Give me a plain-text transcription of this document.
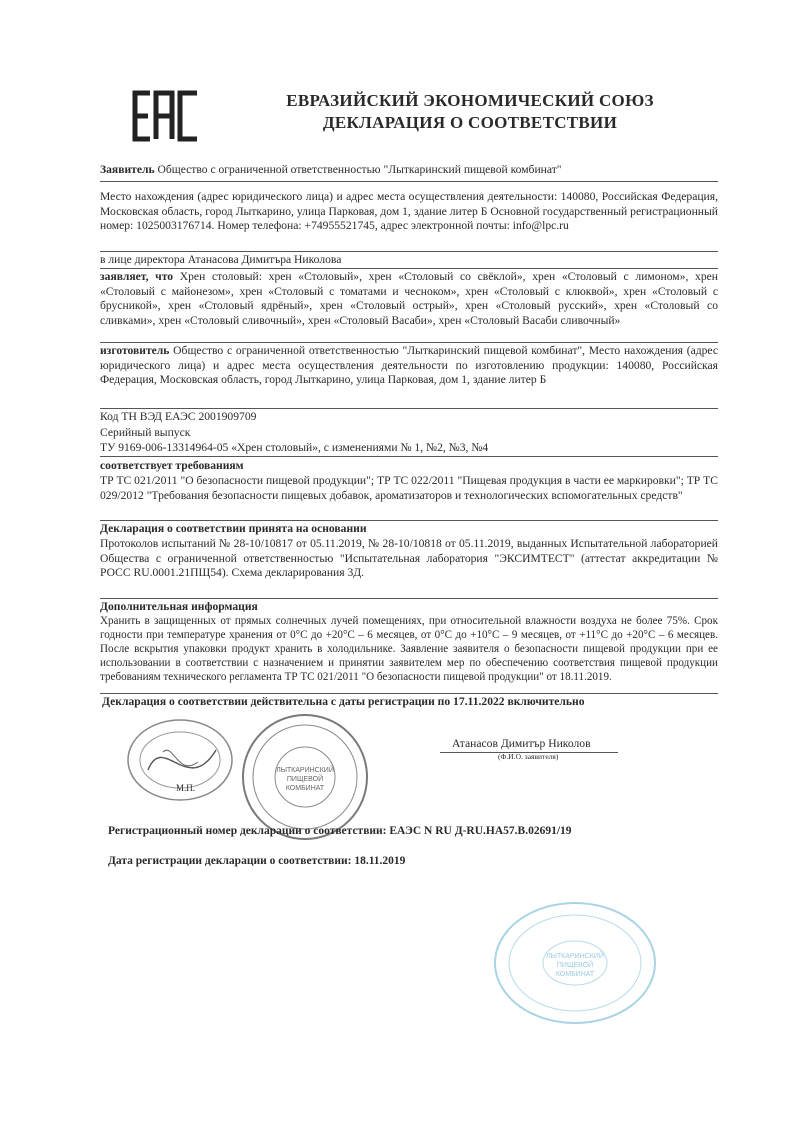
ЕВРАЗИЙСКИЙ ЭКОНОМИЧЕСКИЙ СОЮЗ
ДЕКЛАРАЦИЯ О СООТВЕТСТВИИ
Заявитель Общество с ограниченной ответственностью "Лыткаринский пищевой комбинат"
Место нахождения (адрес юридического лица) и адрес места осуществления деятельности: 140080, Российская Федерация, Московская область, город Лыткарино, улица Парковая, дом 1, здание литер Б Основной государственный регистрационный номер: 1025003176714. Номер телефона: +74955521745, адрес электронной почты: info@lpc.ru
в лице директора Атанасова Димитъра Николова
заявляет, что Хрен столовый: хрен «Столовый», хрен «Столовый со свёклой», хрен «Столовый с лимоном», хрен «Столовый с майонезом», хрен «Столовый с томатами и чесноком», хрен «Столовый с клюквой», хрен «Столовый с брусникой», хрен «Столовый ядрёный», хрен «Столовый острый», хрен «Столовый русский», хрен «Столовый со сливками», хрен «Столовый сливочный», хрен «Столовый Васаби», хрен «Столовый Васаби сливочный»
изготовитель Общество с ограниченной ответственностью "Лыткаринский пищевой комбинат", Место нахождения (адрес юридического лица) и адрес места осуществления деятельности по изготовлению продукции: 140080, Российская Федерация, Московская область, город Лыткарино, улица Парковая, дом 1, здание литер Б
Код ТН ВЭД ЕАЭС 2001909709
Серийный выпуск
ТУ 9169-006-13314964-05 «Хрен столовый», с изменениями № 1, №2, №3, №4
соответствует требованиям
ТР ТС 021/2011 "О безопасности пищевой продукции"; ТР ТС 022/2011 "Пищевая продукция в части ее маркировки"; ТР ТС 029/2012 "Требования безопасности пищевых добавок, ароматизаторов и технологических вспомогательных средств"
Декларация о соответствии принята на основании
Протоколов испытаний № 28-10/10817 от 05.11.2019, № 28-10/10818 от 05.11.2019, выданных Испытательной лабораторией Общества с ограниченной ответственностью "Испытательная лаборатория "ЭКСИМТЕСТ" (аттестат аккредитации № РОСС RU.0001.21ПЩ54). Схема декларирования 3Д.
Дополнительная информация
Хранить в защищенных от прямых солнечных лучей помещениях, при относительной влажности воздуха не более 75%. Срок годности при температуре хранения от 0°С до +20°С – 6 месяцев, от 0°С до +10°С – 9 месяцев, от +11°С до +20°С – 6 месяцев. После вскрытия упаковки продукт хранить в холодильнике. Заявление заявителя о безопасности пищевой продукции при ее использовании в соответствии с назначением и принятии заявителем мер по обеспечению соответствия пищевой продукции требованиям технического регламента ТР ТС 021/2011 "О безопасности пищевой продукции" от 18.11.2019.
Декларация о соответствии действительна с даты регистрации по 17.11.2022 включительно
Атанасов Димитър Николов
(Ф.И.О. заявителя)
М.П.
ЛЫТКАРИНСКИЙ
ПИЩЕВОЙ
КОМБИНАТ
Регистрационный номер декларации о соответствии: ЕАЭС N RU Д-RU.НА57.В.02691/19
Дата регистрации декларации о соответствии: 18.11.2019
ЛЫТКАРИНСКИЙ
ПИЩЕВОЙ
КОМБИНАТ
